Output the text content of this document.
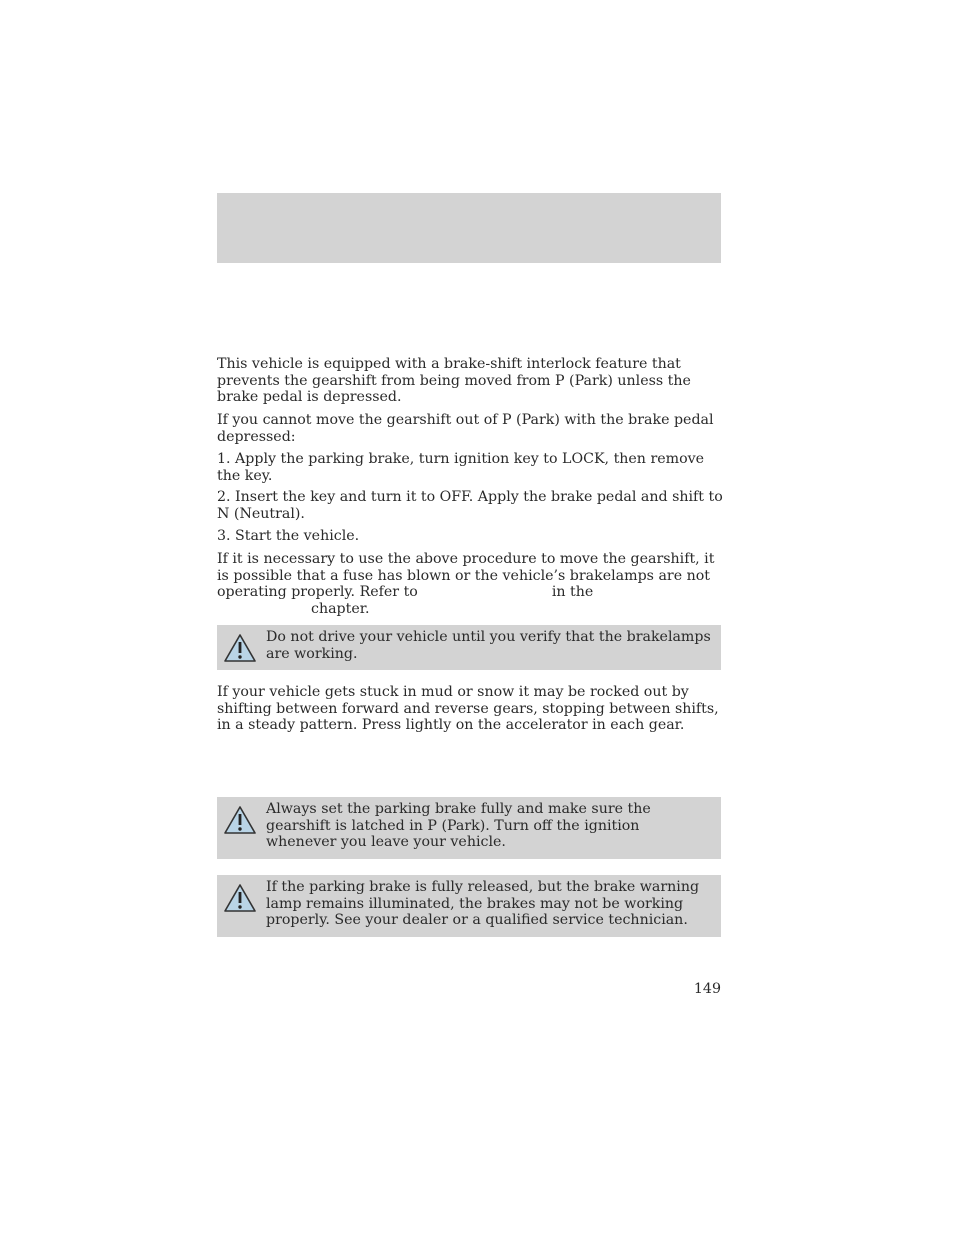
This vehicle is equipped with a brake-shift interlock feature that prevents the gearshift from being moved from P (Park) unless the brake pedal is depressed.

If you cannot move the gearshift out of P (Park) with the brake pedal depressed:

1. Apply the parking brake, turn ignition key to LOCK, then remove the key.

2. Insert the key and turn it to OFF. Apply the brake pedal and shift to N (Neutral).

3. Start the vehicle.

If it is necessary to use the above procedure to move the gearshift, it is possible that a fuse has blown or the vehicle’s brakelamps are not operating properly. Refer to	in the
chapter.

Do not drive your vehicle until you verify that the brakelamps are working.

If your vehicle gets stuck in mud or snow it may be rocked out by shifting between forward and reverse gears, stopping between shifts, in a steady pattern. Press lightly on the accelerator in each gear.

Always set the parking brake fully and make sure the gearshift is latched in P (Park). Turn off the ignition whenever you leave your vehicle.
If the parking brake is fully released, but the brake warning lamp remains illuminated, the brakes may not be working properly. See your dealer or a qualified service technician.
149
